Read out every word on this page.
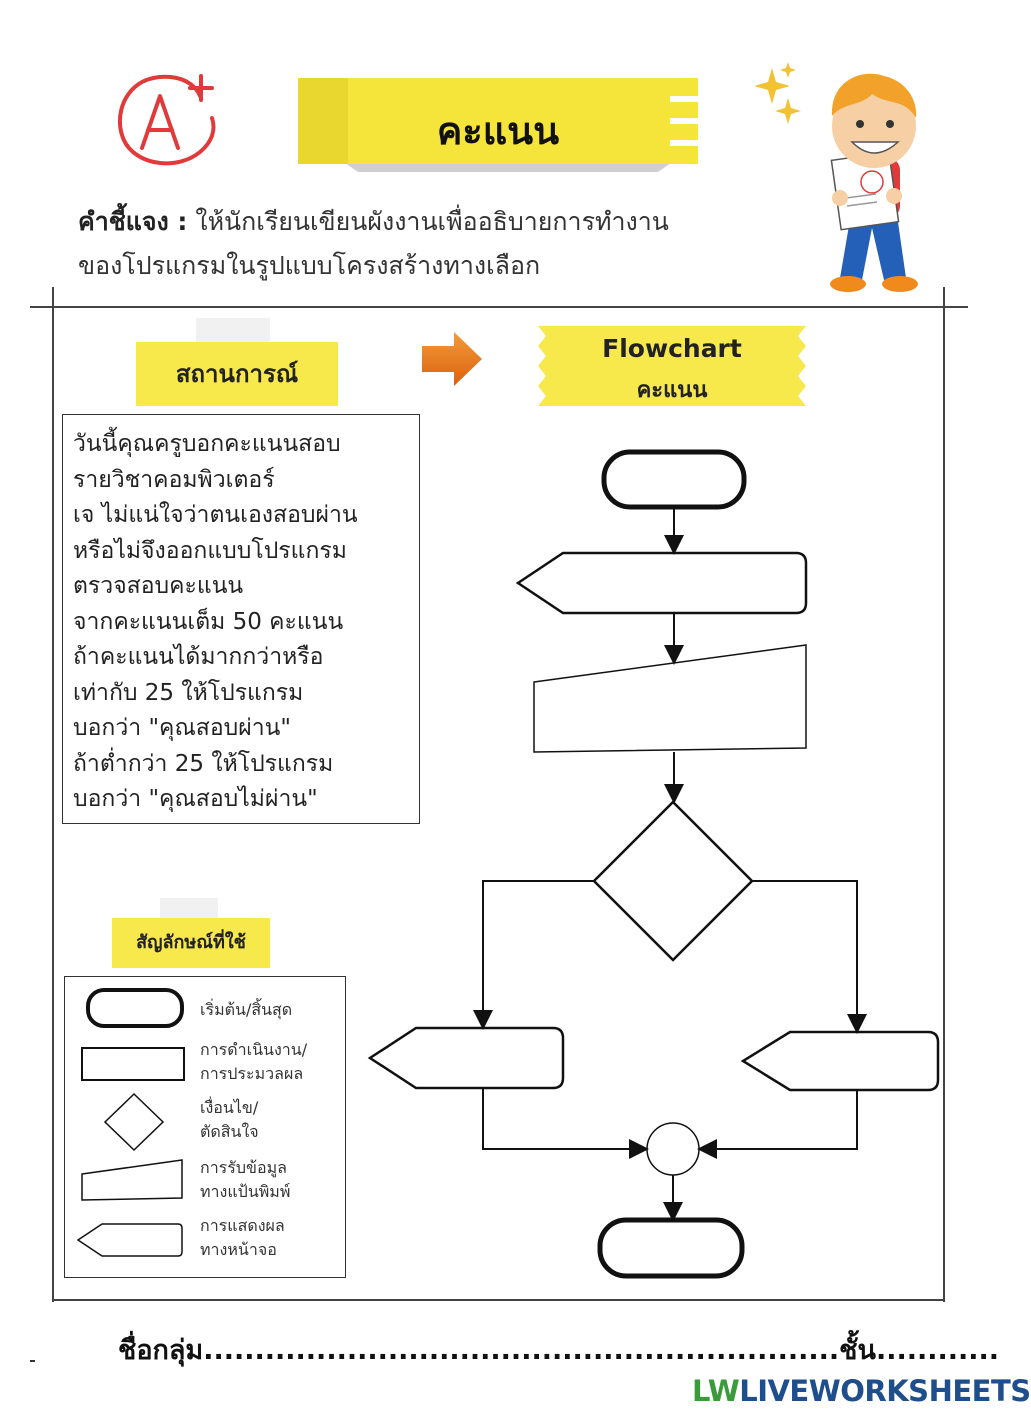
คะแนน
คำชี้แจง : ให้นักเรียนเขียนผังงานเพื่ออธิบายการทำงาน
ของโปรแกรมในรูปแบบโครงสร้างทางเลือก
สถานการณ์
วันนี้คุณครูบอกคะแนนสอบ
รายวิชาคอมพิวเตอร์
เจ ไม่แน่ใจว่าตนเองสอบผ่าน
หรือไม่จึงออกแบบโปรแกรม
ตรวจสอบคะแนน
จากคะแนนเต็ม 50 คะแนน
ถ้าคะแนนได้มากกว่าหรือ
เท่ากับ 25 ให้โปรแกรม
บอกว่า "คุณสอบผ่าน"
ถ้าต่ำกว่า 25 ให้โปรแกรม
บอกว่า "คุณสอบไม่ผ่าน"
Flowchart
คะแนน
สัญลักษณ์ที่ใช้
เริ่มต้น/สิ้นสุด
การดำเนินงาน/
การประมวลผล
เงื่อนไข/
ตัดสินใจ
การรับข้อมูล
ทางแป้นพิมพ์
การแสดงผล
ทางหน้าจอ
ชื่อกลุ่ม..............................................................ชั้น............
LWLIVEWORKSHEETS
